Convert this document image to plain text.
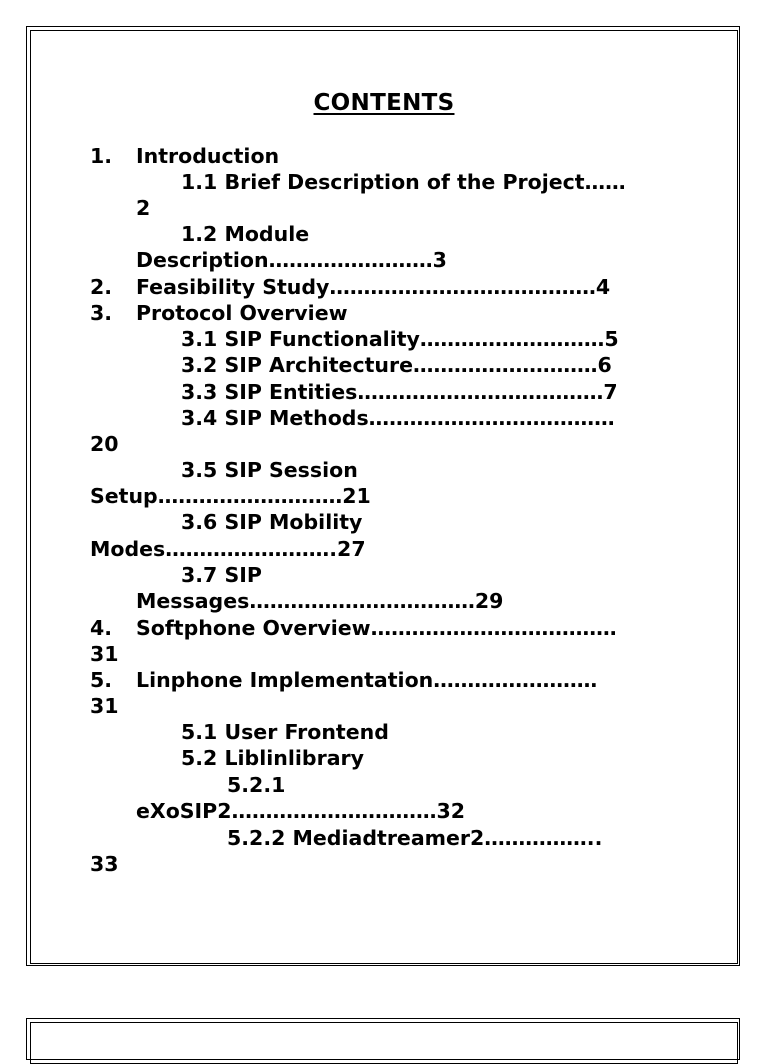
CONTENTS
1. Introduction
1.1 Brief Description of the Project……
2
1.2 Module
Description……………………3
2. Feasibility Study…………………………………4
3. Protocol Overview
3.1 SIP Functionality………………………5
3.2 SIP Architecture………………………6
3.3 SIP Entities………………………………7
3.4 SIP Methods………………………………
20
3.5 SIP Session
Setup………………………21
3.6 SIP Mobility
Modes…………………….27
3.7 SIP
Messages……………………………29
4. Softphone Overview………………………………
31
5. Linphone Implementation……………………
31
5.1 User Frontend
5.2 Liblinlibrary
5.2.1
eXoSIP2…………………………32
5.2.2 Mediadtreamer2……………..
33
